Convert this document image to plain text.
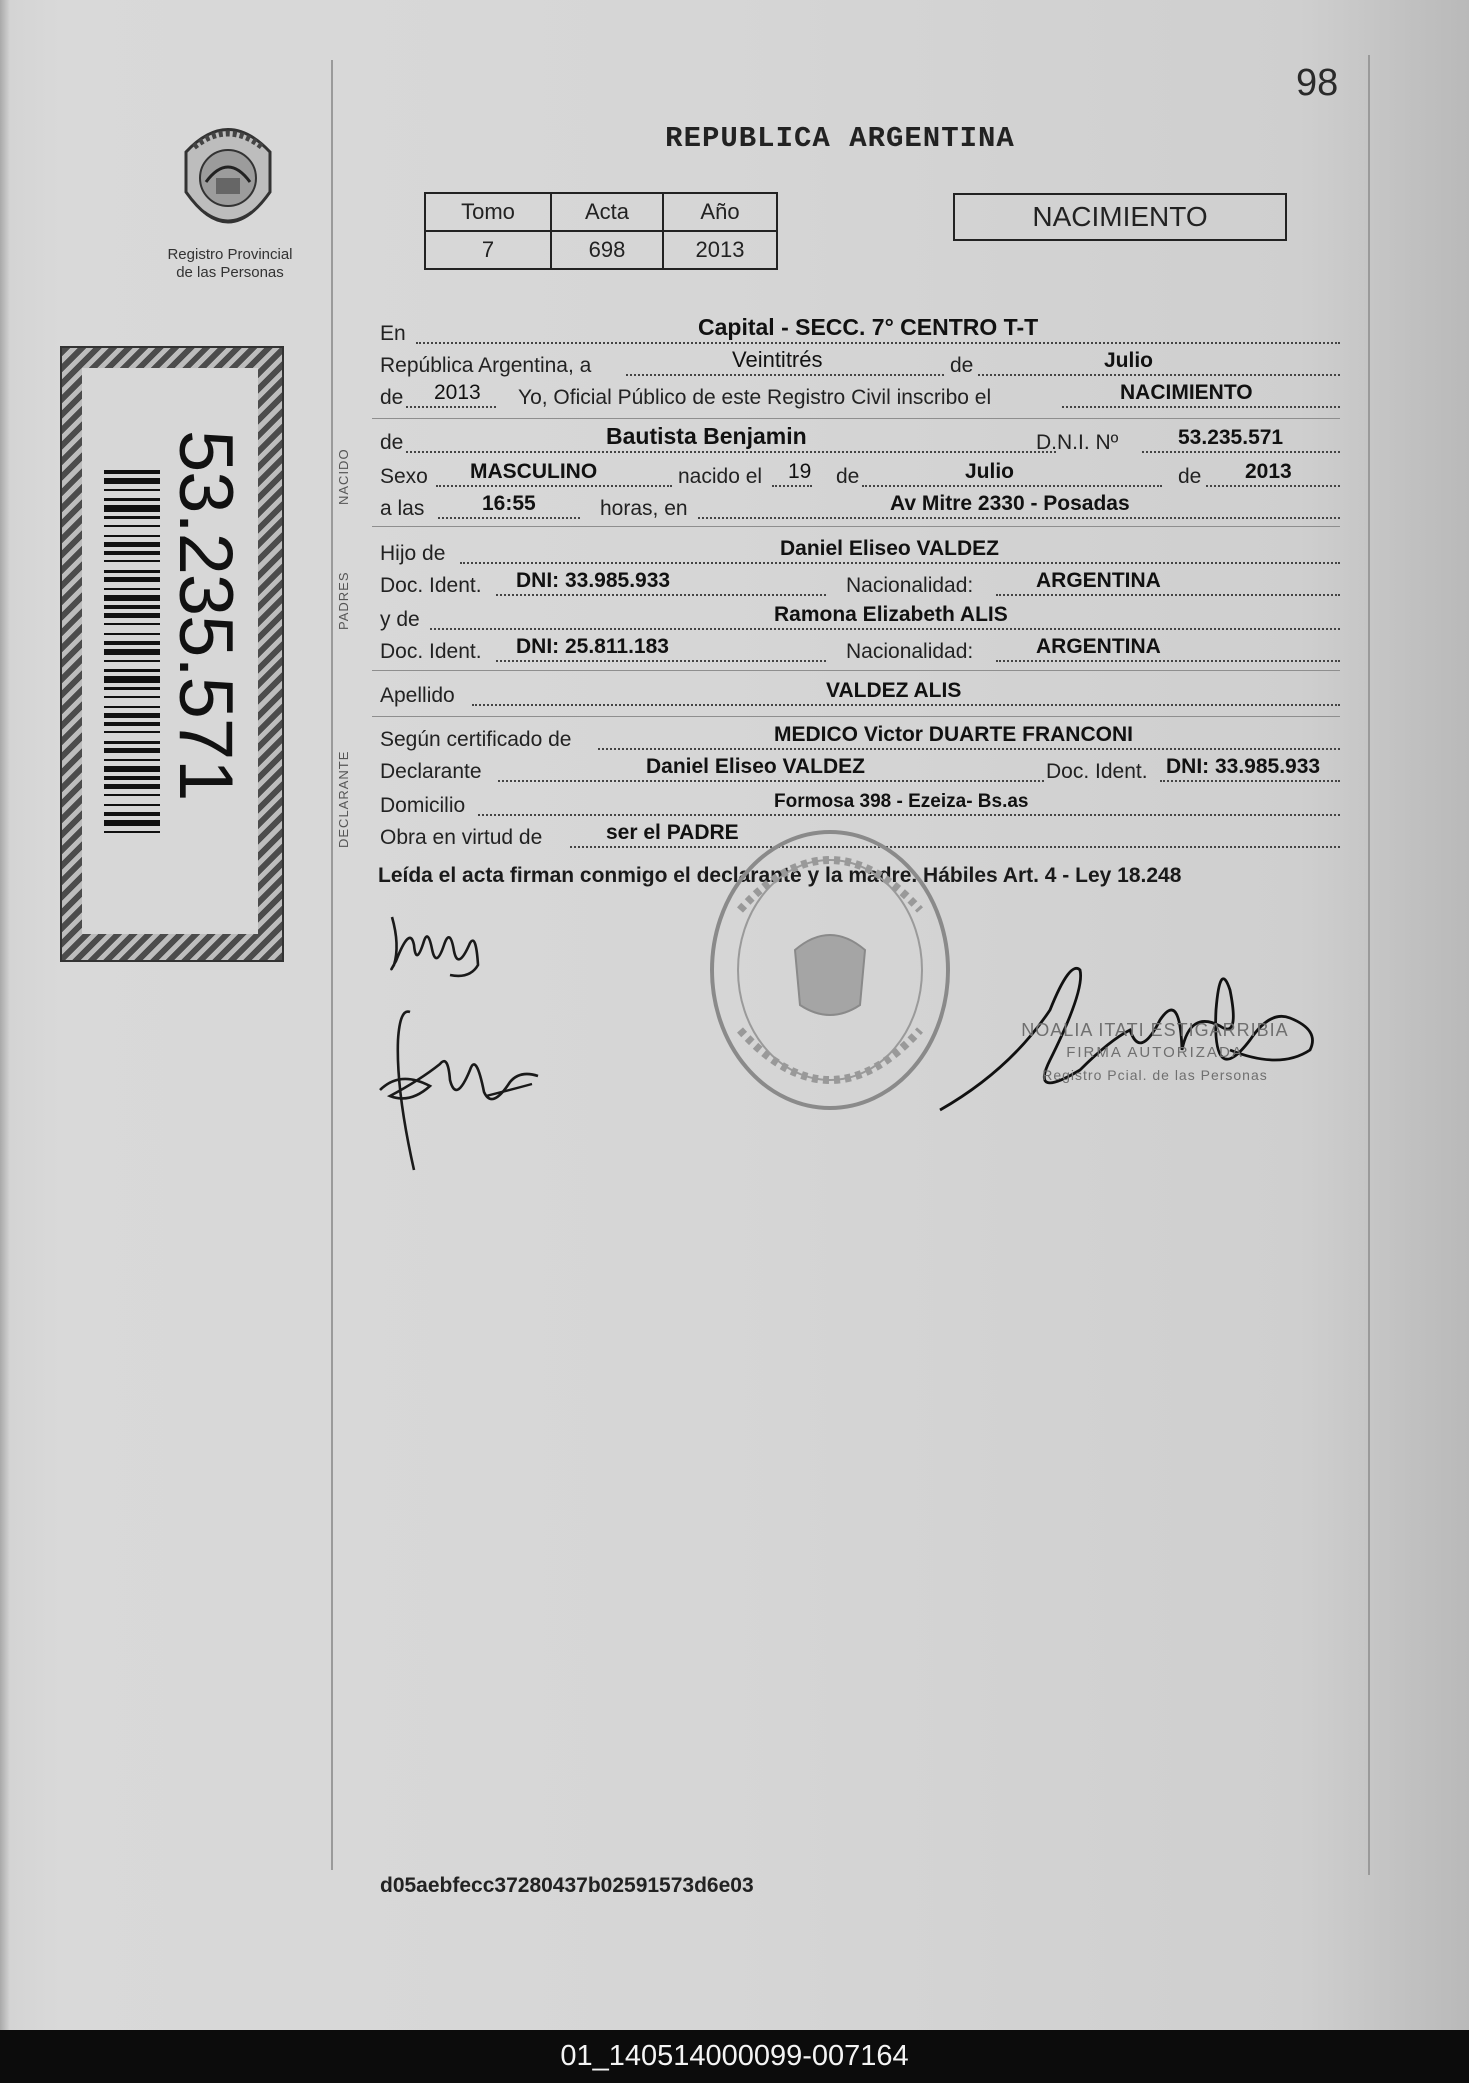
98
REPUBLICA ARGENTINA
Registro Provincial
de las Personas
Tomo	Acta	Año
7	698	2013
NACIMIENTO
53.235.571	NACIDO
PADRES
DECLARANTE
En	Capital - SECC. 7° CENTRO T-T
República Argentina, a	Veintitrés	de	Julio
de 2013 Yo, Oficial Público de este Registro Civil inscribo el	NACIMIENTO
de	Bautista Benjamin	D.N.I. Nº	53.235.571
Sexo MASCULINO	nacido el 19 de	Julio	de 2013
a las	16:55	horas, en	Av Mitre 2330 - Posadas
Hijo de	Daniel Eliseo VALDEZ
Doc. Ident. DNI: 33.985.933	Nacionalidad:	ARGENTINA
y de	Ramona Elizabeth ALIS
Doc. Ident. DNI: 25.811.183	Nacionalidad:	ARGENTINA
Apellido	VALDEZ ALIS
Según certificado de	MEDICO Victor DUARTE FRANCONI
Declarante	Daniel Eliseo VALDEZ	Doc. Ident. DNI: 33.985.933
Domicilio	Formosa 398 - Ezeiza- Bs.as
Obra en virtud de	ser el PADRE
Leída el acta firman conmigo el declarante y la madre. Hábiles Art. 4 - Ley 18.248
NOALIA ITATI ESTIGARRIBIA
FIRMA AUTORIZADA
Registro Pcial. de las Personas
d05aebfecc37280437b02591573d6e03
01_140514000099-007164
